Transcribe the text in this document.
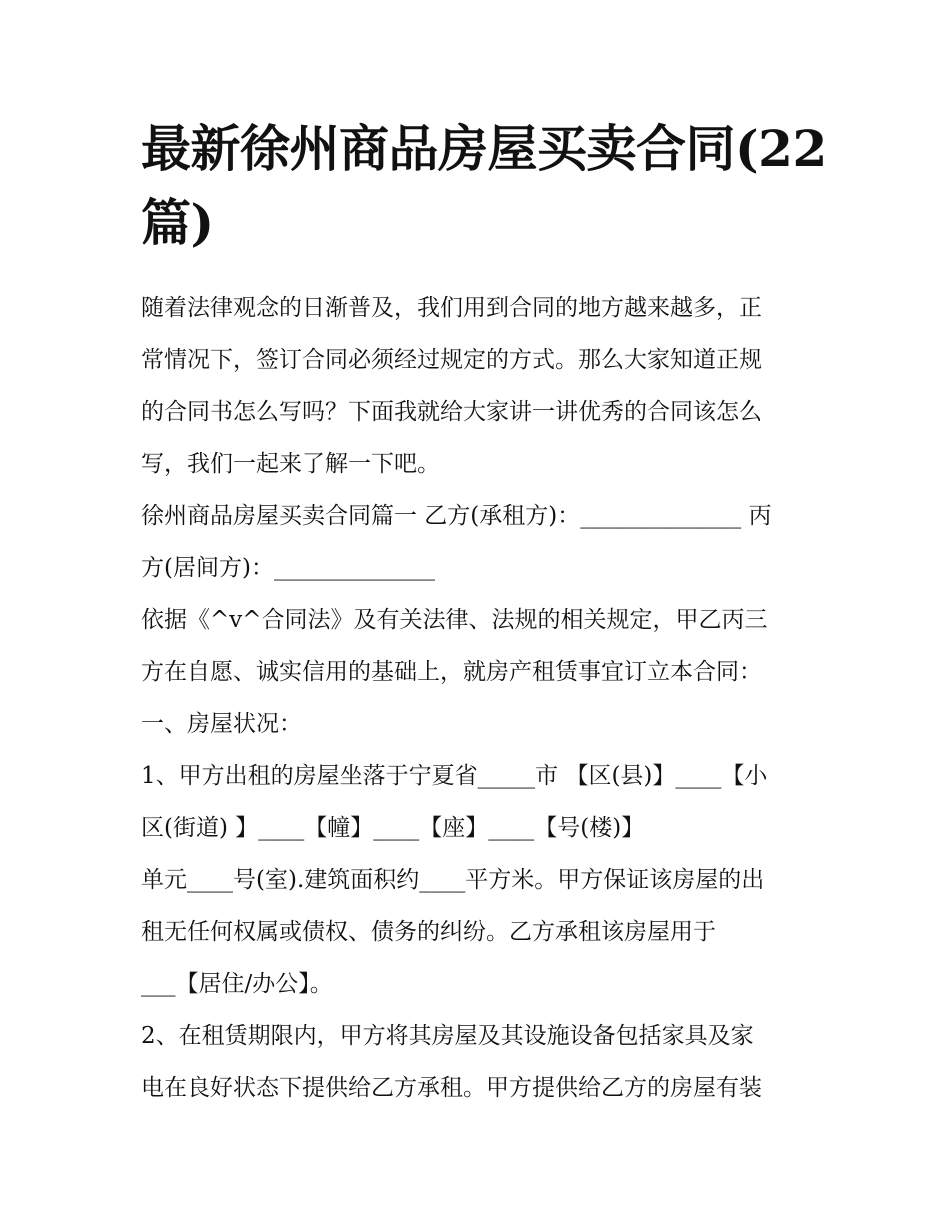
最新徐州商品房屋买卖合同(22
篇)

随着法律观念的日渐普及，我们用到合同的地方越来越多，正
常情况下，签订合同必须经过规定的方式。那么大家知道正规
的合同书怎么写吗？下面我就给大家讲一讲优秀的合同该怎么
写，我们一起来了解一下吧。

徐州商品房屋买卖合同篇一 乙方(承租方)：______________ 丙
方(居间方)：______________

依据《^v^合同法》及有关法律、法规的相关规定，甲乙丙三
方在自愿、诚实信用的基础上，就房产租赁事宜订立本合同：

一、房屋状况：

1、甲方出租的房屋坐落于宁夏省_____市 【区(县)】____【小
区(街道) 】____【幢】____【座】____【号(楼)】
单元____号(室).建筑面积约____平方米。甲方保证该房屋的出
租无任何权属或债权、债务的纠纷。乙方承租该房屋用于
___【居住/办公】。

2、在租赁期限内，甲方将其房屋及其设施设备包括家具及家
电在良好状态下提供给乙方承租。甲方提供给乙方的房屋有装
